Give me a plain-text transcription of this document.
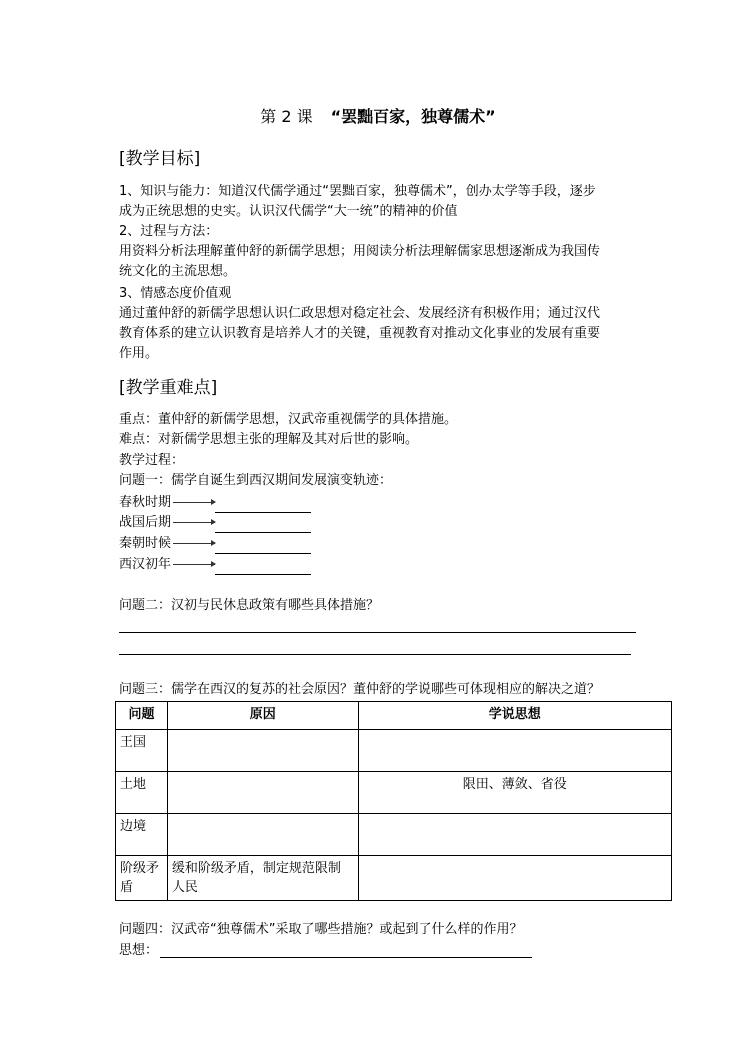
第 2 课 “罢黜百家，独尊儒术”
[教学目标]
1、知识与能力：知道汉代儒学通过“罢黜百家，独尊儒术”，创办太学等手段，逐步
成为正统思想的史实。认识汉代儒学“大一统”的精神的价值
2、过程与方法：
用资料分析法理解董仲舒的新儒学思想；用阅读分析法理解儒家思想逐渐成为我国传
统文化的主流思想。
3、情感态度价值观
通过董仲舒的新儒学思想认识仁政思想对稳定社会、发展经济有积极作用；通过汉代
教育体系的建立认识教育是培养人才的关键，重视教育对推动文化事业的发展有重要
作用。
[教学重难点]
重点：董仲舒的新儒学思想，汉武帝重视儒学的具体措施。
难点：对新儒学思想主张的理解及其对后世的影响。
教学过程：
问题一：儒学自诞生到西汉期间发展演变轨迹：
春秋时期
战国后期
秦朝时候
西汉初年
问题二：汉初与民休息政策有哪些具体措施？
问题三：儒学在西汉的复苏的社会原因？董仲舒的学说哪些可体现相应的解决之道？
问题	原因	学说思想
王国		
土地		限田、薄敛、省役
边境		
阶级矛盾	缓和阶级矛盾，制定规范限制人民	
问题四：汉武帝“独尊儒术”采取了哪些措施？或起到了什么样的作用？
思想：
